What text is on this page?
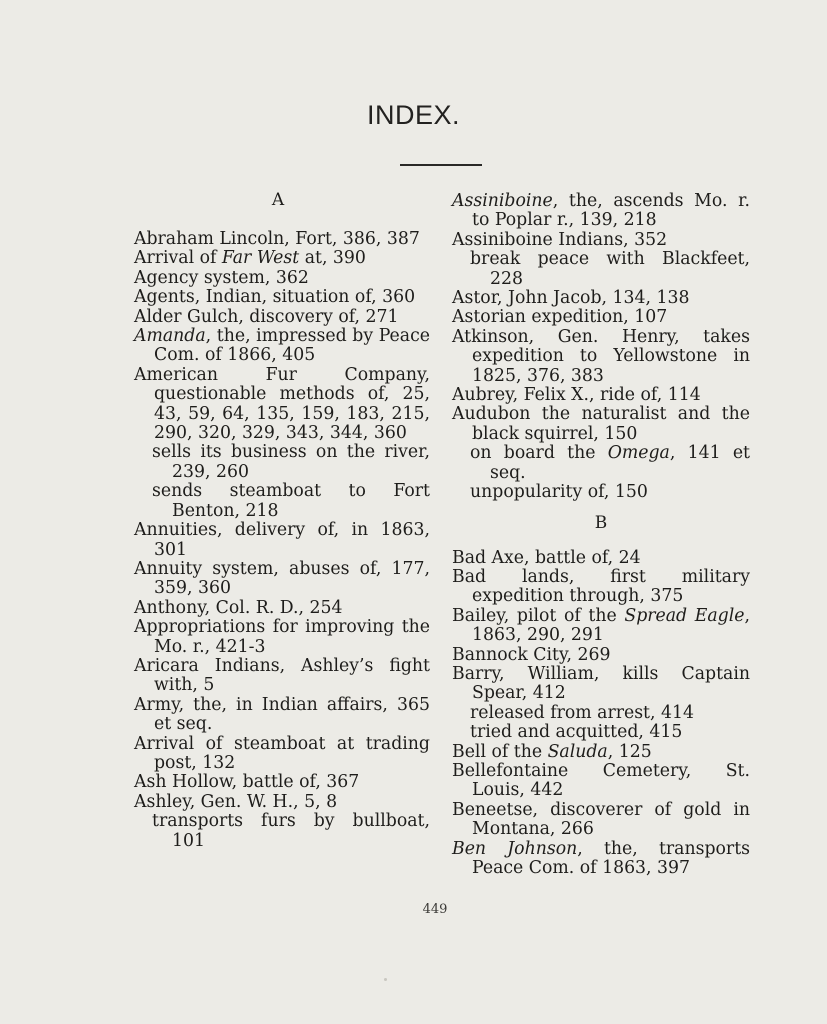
INDEX.
A
Abraham Lincoln, Fort, 386, 387
Arrival of Far West at, 390
Agency system, 362
Agents, Indian, situation of, 360
Alder Gulch, discovery of, 271
Amanda, the, impressed by Peace Com. of 1866, 405
American Fur Company, questionable methods of, 25, 43, 59, 64, 135, 159, 183, 215, 290, 320, 329, 343, 344, 360
sells its business on the river, 239, 260
sends steamboat to Fort Benton, 218
Annuities, delivery of, in 1863, 301
Annuity system, abuses of, 177, 359, 360
Anthony, Col. R. D., 254
Appropriations for improving the Mo. r., 421-3
Aricara Indians, Ashley’s fight with, 5
Army, the, in Indian affairs, 365 et seq.
Arrival of steamboat at trading post, 132
Ash Hollow, battle of, 367
Ashley, Gen. W. H., 5, 8
transports furs by bullboat, 101
Assiniboine, the, ascends Mo. r. to Poplar r., 139, 218
Assiniboine Indians, 352
break peace with Blackfeet, 228
Astor, John Jacob, 134, 138
Astorian expedition, 107
Atkinson, Gen. Henry, takes expedition to Yellowstone in 1825, 376, 383
Aubrey, Felix X., ride of, 114
Audubon the naturalist and the black squirrel, 150
on board the Omega, 141 et seq.
unpopularity of, 150
B
Bad Axe, battle of, 24
Bad lands, first military expedition through, 375
Bailey, pilot of the Spread Eagle, 1863, 290, 291
Bannock City, 269
Barry, William, kills Captain Spear, 412
released from arrest, 414
tried and acquitted, 415
Bell of the Saluda, 125
Bellefontaine Cemetery, St. Louis, 442
Beneetse, discoverer of gold in Montana, 266
Ben Johnson, the, transports Peace Com. of 1863, 397
449
